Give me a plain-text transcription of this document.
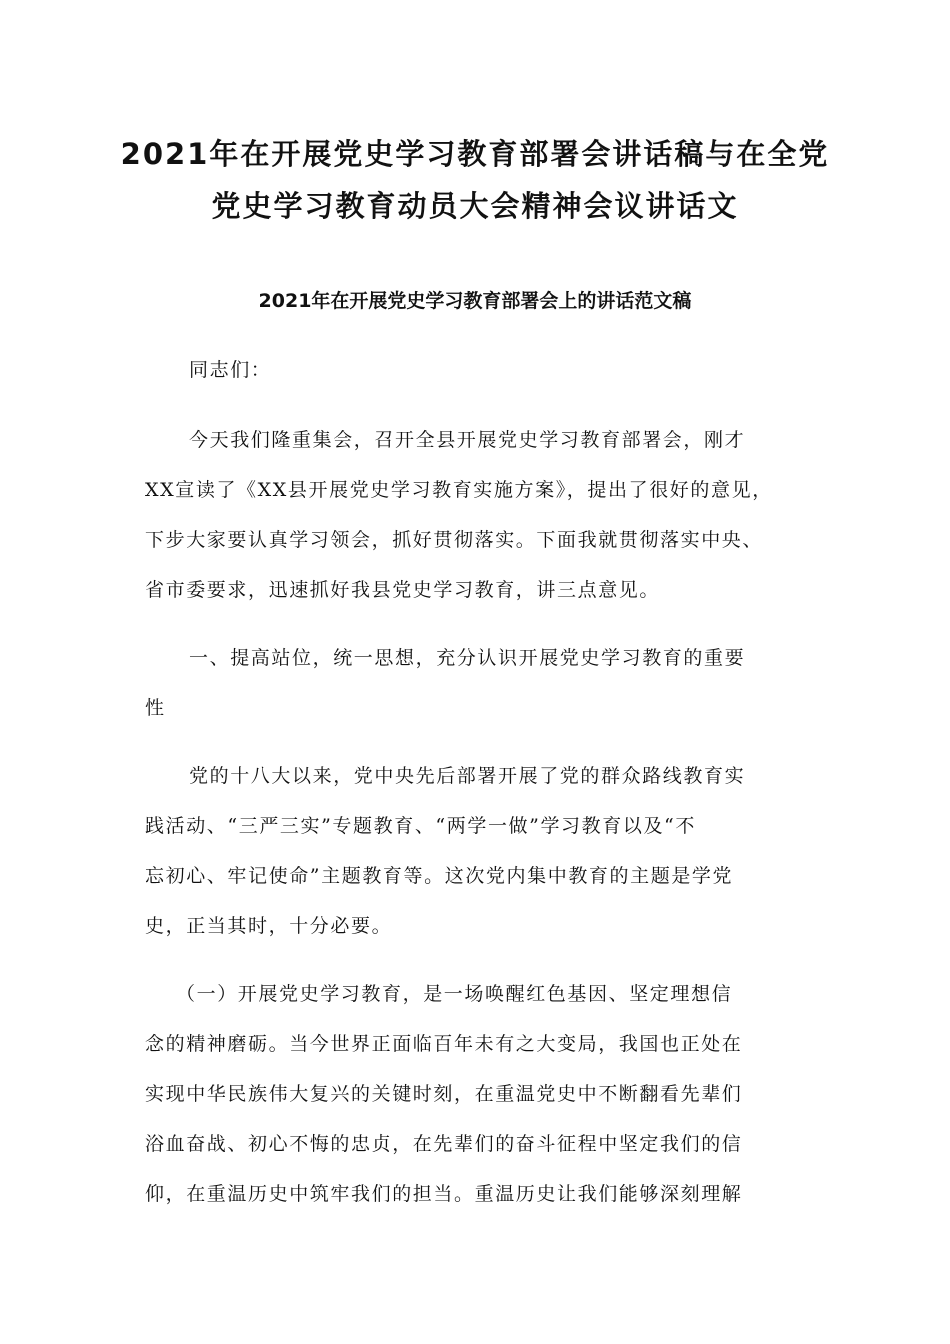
2021年在开展党史学习教育部署会讲话稿与在全党
党史学习教育动员大会精神会议讲话文
2021年在开展党史学习教育部署会上的讲话范文稿

同志们：

今天我们隆重集会，召开全县开展党史学习教育部署会，刚才

XX宣读了《XX县开展党史学习教育实施方案》，提出了很好的意见，

下步大家要认真学习领会，抓好贯彻落实。下面我就贯彻落实中央、

省市委要求，迅速抓好我县党史学习教育，讲三点意见。

一、提高站位，统一思想，充分认识开展党史学习教育的重要

性

党的十八大以来，党中央先后部署开展了党的群众路线教育实

践活动、“三严三实”专题教育、“两学一做”学习教育以及“不

忘初心、牢记使命”主题教育等。这次党内集中教育的主题是学党

史，正当其时，十分必要。

（一）开展党史学习教育，是一场唤醒红色基因、坚定理想信

念的精神磨砺。当今世界正面临百年未有之大变局，我国也正处在

实现中华民族伟大复兴的关键时刻，在重温党史中不断翻看先辈们

浴血奋战、初心不悔的忠贞，在先辈们的奋斗征程中坚定我们的信

仰，在重温历史中筑牢我们的担当。重温历史让我们能够深刻理解
